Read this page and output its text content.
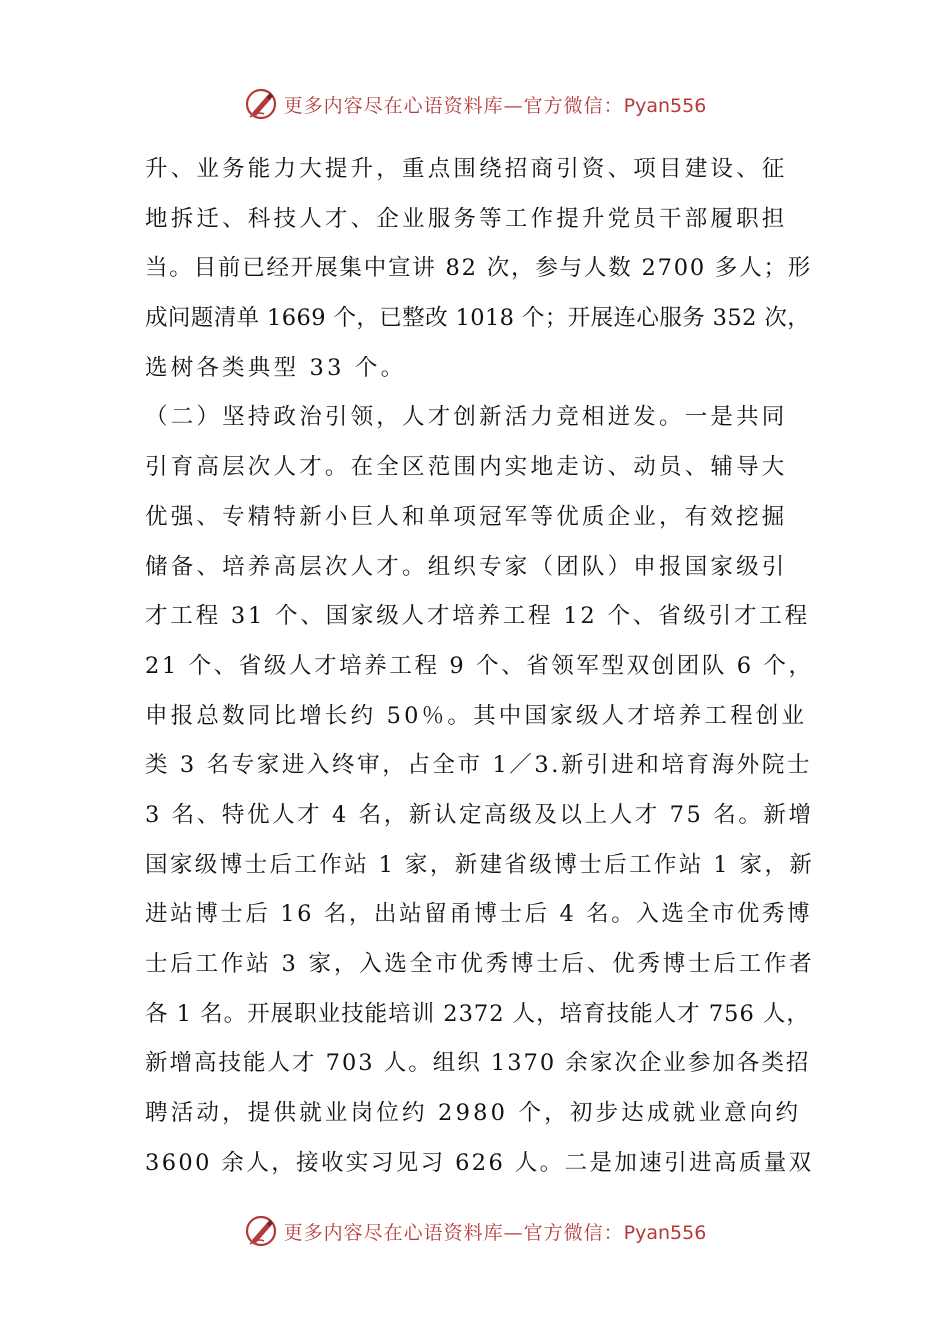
更多内容尽在心语资料库—官方微信：Pyan556
升、业务能力大提升，重点围绕招商引资、项目建设、征
地拆迁、科技人才、企业服务等工作提升党员干部履职担
当。目前已经开展集中宣讲 82 次，参与人数 2700 多人；形
成问题清单 1669 个，已整改 1018 个；开展连心服务 352 次，
选树各类典型 33 个。
（二）坚持政治引领，人才创新活力竞相迸发。一是共同
引育高层次人才。在全区范围内实地走访、动员、辅导大
优强、专精特新小巨人和单项冠军等优质企业，有效挖掘
储备、培养高层次人才。组织专家（团队）申报国家级引
才工程 31 个、国家级人才培养工程 12 个、省级引才工程
21 个、省级人才培养工程 9 个、省领军型双创团队 6 个，
申报总数同比增长约 50％。其中国家级人才培养工程创业
类 3 名专家进入终审，占全市 1／3.新引进和培育海外院士
3 名、特优人才 4 名，新认定高级及以上人才 75 名。新增
国家级博士后工作站 1 家，新建省级博士后工作站 1 家，新
进站博士后 16 名，出站留甬博士后 4 名。入选全市优秀博
士后工作站 3 家，入选全市优秀博士后、优秀博士后工作者
各 1 名。开展职业技能培训 2372 人，培育技能人才 756 人，
新增高技能人才 703 人。组织 1370 余家次企业参加各类招
聘活动，提供就业岗位约 2980 个，初步达成就业意向约
3600 余人，接收实习见习 626 人。二是加速引进高质量双
更多内容尽在心语资料库—官方微信：Pyan556
